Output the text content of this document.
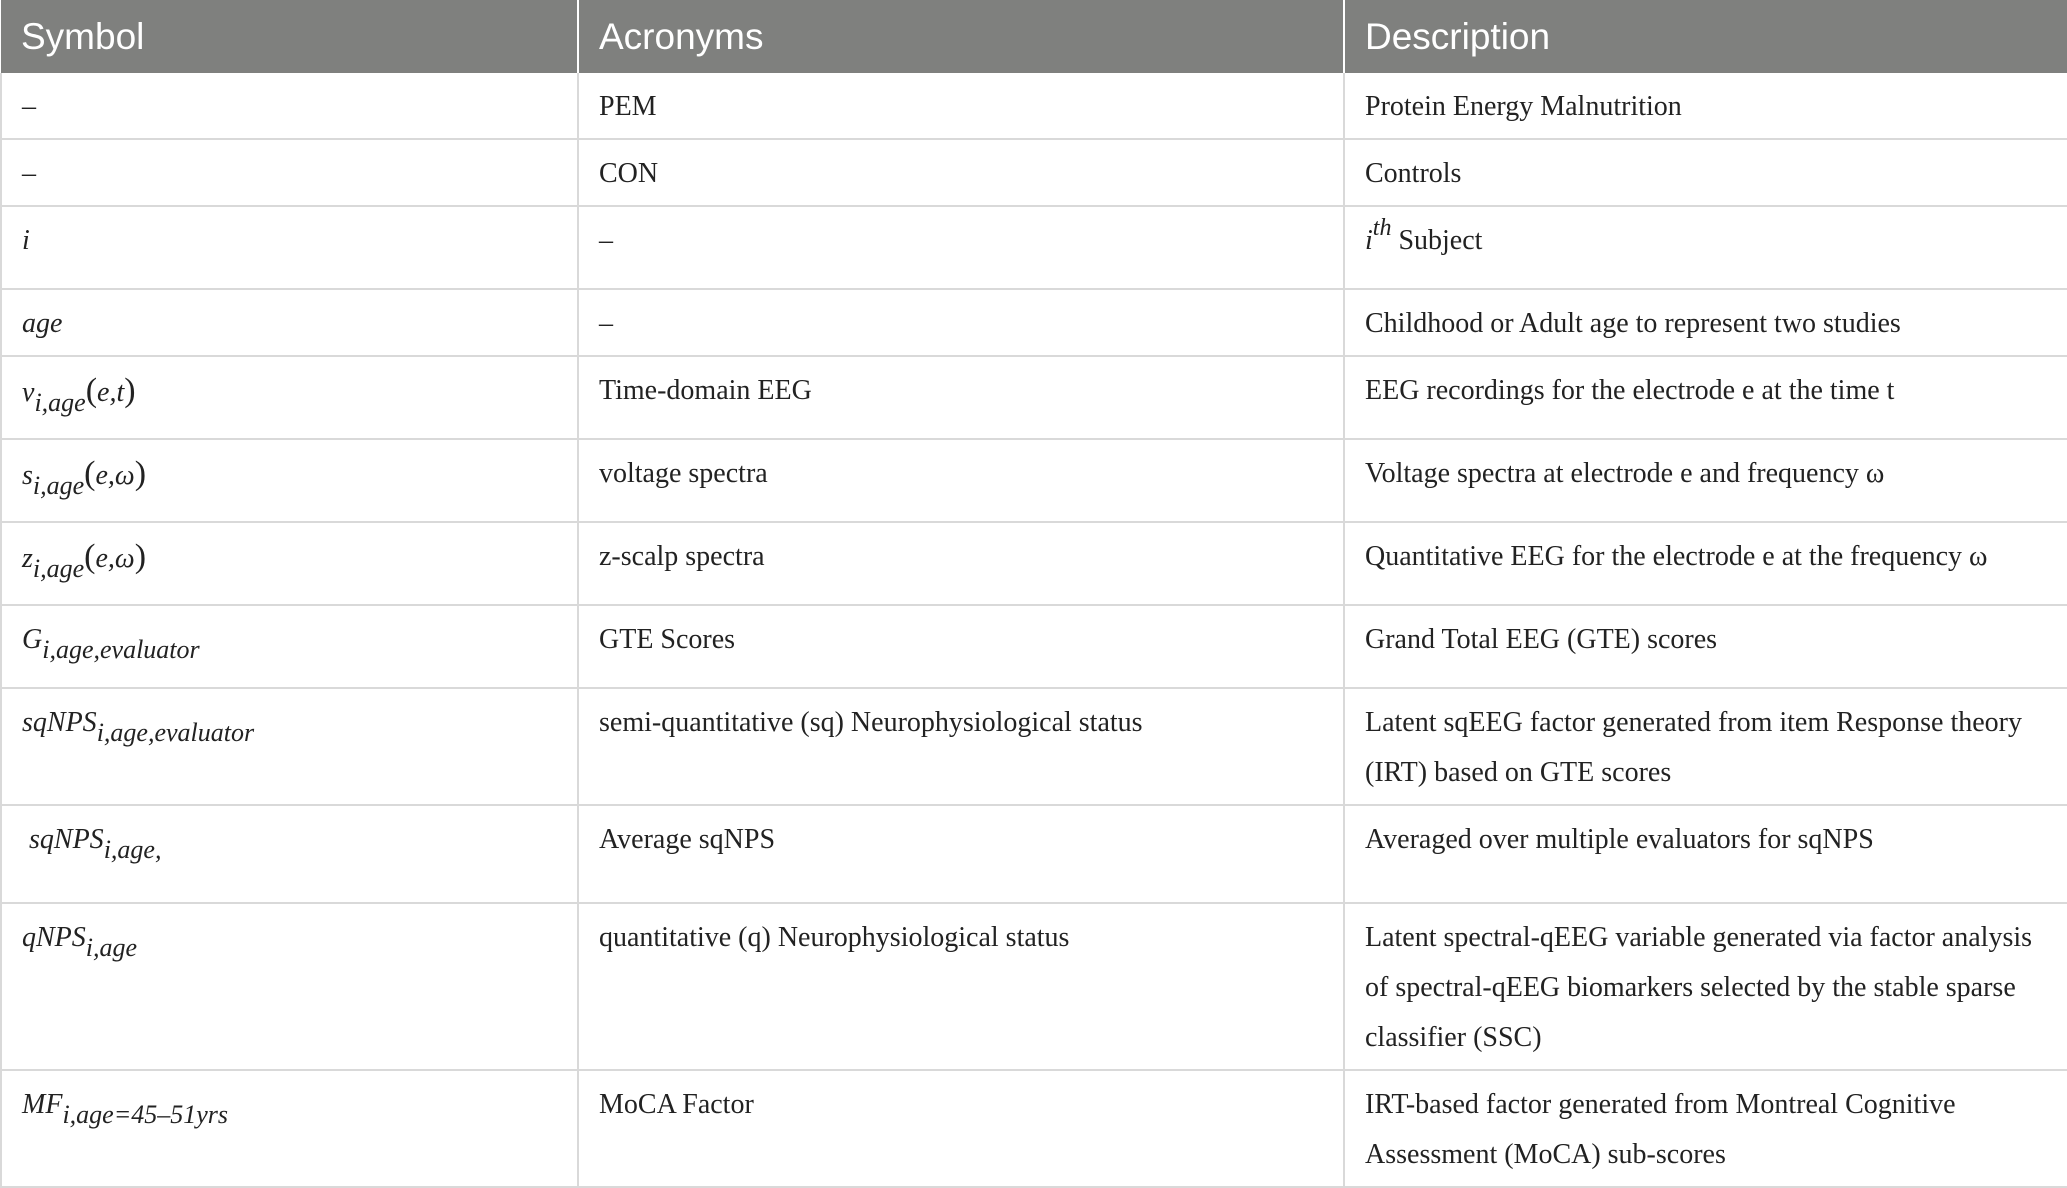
Symbol	Acronyms	Description
–	PEM	Protein Energy Malnutrition
–	CON	Controls
i	–	ith Subject
age	–	Childhood or Adult age to represent two studies
vi,age(e,t)	Time-domain EEG	EEG recordings for the electrode e at the time t
si,age(e,ω)	voltage spectra	Voltage spectra at electrode e and frequency ω
zi,age(e,ω)	z-scalp spectra	Quantitative EEG for the electrode e at the frequency ω
Gi,age,evaluator	GTE Scores	Grand Total EEG (GTE) scores
sqNPSi,age,evaluator	semi-quantitative (sq) Neurophysiological status	Latent sqEEG factor generated from item Response theory (IRT) based on GTE scores
sqNPSi,age,	Average sqNPS	Averaged over multiple evaluators for sqNPS
qNPSi,age	quantitative (q) Neurophysiological status	Latent spectral-qEEG variable generated via factor analysis of spectral-qEEG biomarkers selected by the stable sparse classifier (SSC)
MFi,age=45–51yrs	MoCA Factor	IRT-based factor generated from Montreal Cognitive Assessment (MoCA) sub-scores
